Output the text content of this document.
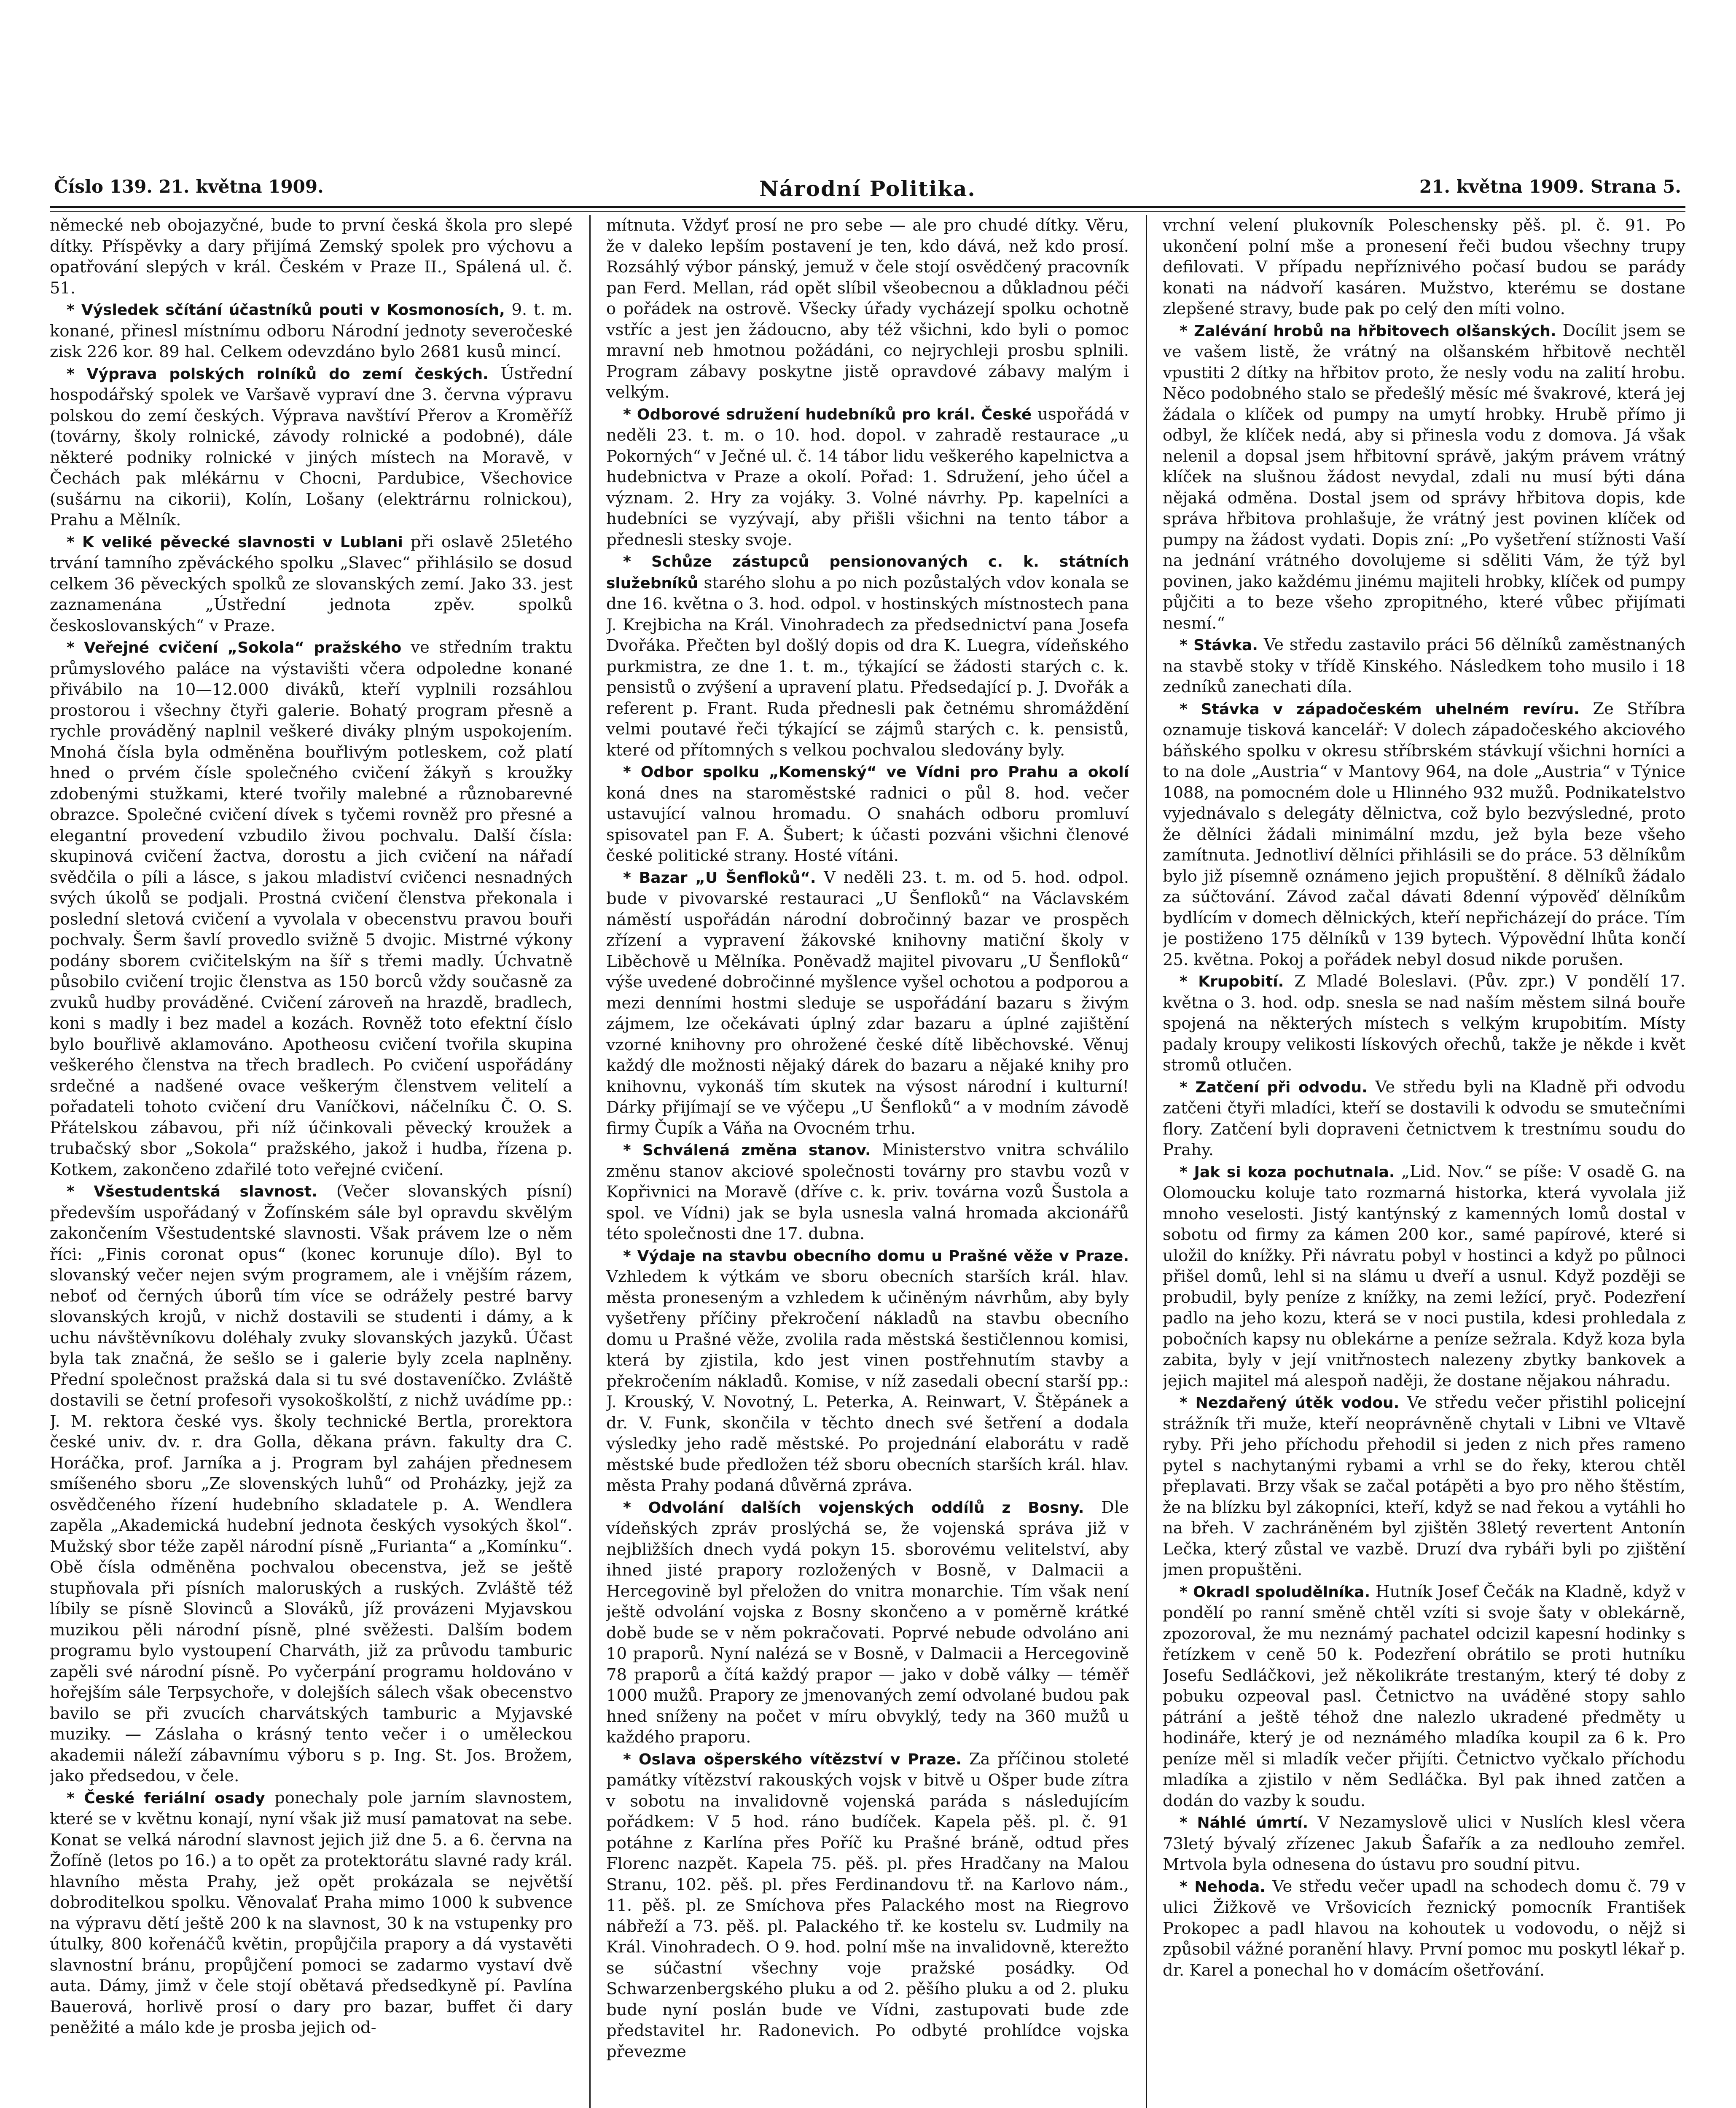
Číslo 139. 21. května 1909.	Národní Politika.	21. května 1909. Strana 5.

německé neb obojazyčné, bude to první česká škola pro slepé dítky. Příspěvky a dary přijímá Zemský spolek pro výchovu a opatřování slepých v král. Českém v Praze II., Spálená ul. č. 51.

* Výsledek sčítání účastníků pouti v Kosmonosích, 9. t. m. konané, přinesl místnímu odboru Národní jednoty severočeské zisk 226 kor. 89 hal. Celkem odevzdáno bylo 2681 kusů mincí.

* Výprava polských rolníků do zemí českých. Ústřední hospodářský spolek ve Varšavě vypraví dne 3. června výpravu polskou do zemí českých. Výprava navštíví Přerov a Kroměříž (továrny, školy rolnické, závody rolnické a podobné), dále některé podniky rolnické v jiných místech na Moravě, v Čechách pak mlékárnu v Chocni, Pardubice, Všechovice (sušárnu na cikorii), Kolín, Lošany (elektrárnu rolnickou), Prahu a Mělník.

* K veliké pěvecké slavnosti v Lublani při oslavě 25letého trvání tamního zpěváckého spolku „Slavec“ přihlásilo se dosud celkem 36 pěveckých spolků ze slovanských zemí. Jako 33. jest zaznamenána „Ústřední jednota zpěv. spolků českoslovanských“ v Praze.

* Veřejné cvičení „Sokola“ pražského ve středním traktu průmyslového paláce na výstavišti včera odpoledne konané přivábilo na 10—12.000 diváků, kteří vyplnili rozsáhlou prostorou i všechny čtyři galerie. Bohatý program přesně a rychle prováděný naplnil veškeré diváky plným uspokojením. Mnohá čísla byla odměněna bouřlivým potleskem, což platí hned o prvém čísle společného cvičení žákyň s kroužky zdobenými stužkami, které tvořily malebné a různobarevné obrazce. Společné cvičení dívek s tyčemi rovněž pro přesné a elegantní provedení vzbudilo živou pochvalu. Další čísla: skupinová cvičení žactva, dorostu a jich cvičení na nářadí svědčila o píli a lásce, s jakou mladiství cvičenci nesnadných svých úkolů se podjali. Prostná cvičení členstva překonala i poslední sletová cvičení a vyvolala v obecenstvu pravou bouři pochvaly. Šerm šavlí provedlo svižně 5 dvojic. Mistrné výkony podány sborem cvičitelským na šíř s třemi madly. Úchvatně působilo cvičení trojic členstva as 150 borců vždy současně za zvuků hudby prováděné. Cvičení zároveň na hrazdě, bradlech, koni s madly i bez madel a kozách. Rovněž toto efektní číslo bylo bouřlivě aklamováno. Apotheosu cvičení tvořila skupina veškerého členstva na třech bradlech. Po cvičení uspořádány srdečné a nadšené ovace veškerým členstvem velitelí a pořadateli tohoto cvičení dru Vaníčkovi, náčelníku Č. O. S. Přátelskou zábavou, při níž účinkovali pěvecký kroužek a trubačský sbor „Sokola“ pražského, jakož i hudba, řízena p. Kotkem, zakončeno zdařilé toto veřejné cvičení.

* Všestudentská slavnost. (Večer slovanských písní) především uspořádaný v Žofínském sále byl opravdu skvělým zakončením Všestudentské slavnosti. Však právem lze o něm říci: „Finis coronat opus“ (konec korunuje dílo). Byl to slovanský večer nejen svým programem, ale i vnějším rázem, neboť od černých úborů tím více se odrážely pestré barvy slovanských krojů, v nichž dostavili se studenti i dámy, a k uchu návštěvníkovu doléhaly zvuky slovanských jazyků. Účast byla tak značná, že sešlo se i galerie byly zcela naplněny. Přední společnost pražská dala si tu své dostaveníčko. Zvláště dostavili se četní profesoři vysokoškolští, z nichž uvádíme pp.: J. M. rektora české vys. školy technické Bertla, prorektora české univ. dv. r. dra Golla, děkana právn. fakulty dra C. Horáčka, prof. Jarníka a j. Program byl zahájen přednesem smíšeného sboru „Ze slovenských luhů“ od Proházky, jejž za osvědčeného řízení hudebního skladatele p. A. Wendlera zapěla „Akademická hudební jednota českých vysokých škol“. Mužský sbor téže zapěl národní písně „Furianta“ a „Komínku“. Obě čísla odměněna pochvalou obecenstva, jež se ještě stupňovala při písních maloruských a ruských. Zvláště též líbily se písně Slovinců a Slováků, jíž provázeni Myjavskou muzikou pěli národní písně, plné svěžesti. Dalším bodem programu bylo vystoupení Charváth, již za průvodu tamburic zapěli své národní písně. Po vyčerpání programu holdováno v hořejším sále Terpsychoře, v dolejších sálech však obecenstvo bavilo se při zvucích charvátských tamburic a Myjavské muziky. — Záslaha o krásný tento večer i o uměleckou akademii náleží zábavnímu výboru s p. Ing. St. Jos. Brožem, jako předsedou, v čele.

* České feriální osady ponechaly pole jarním slavnostem, které se v květnu konají, nyní však již musí pamatovat na sebe. Konat se velká národní slavnost jejich již dne 5. a 6. června na Žofíně (letos po 16.) a to opět za protektorátu slavné rady král. hlavního města Prahy, jež opět prokázala se největší dobroditelkou spolku. Věnovalať Praha mimo 1000 k subvence na výpravu dětí ještě 200 k na slavnost, 30 k na vstupenky pro útulky, 800 kořenáčů květin, propůjčila prapory a dá vystavěti slavnostní bránu, propůjčení pomoci se zadarmo vystaví dvě auta. Dámy, jimž v čele stojí obětavá předsedkyně pí. Pavlína Bauerová, horlivě prosí o dary pro bazar, buffet či dary peněžité a málo kde je prosba jejich od-

mítnuta. Vždyť prosí ne pro sebe — ale pro chudé dítky. Věru, že v daleko lepším postavení je ten, kdo dává, než kdo prosí. Rozsáhlý výbor pánský, jemuž v čele stojí osvědčený pracovník pan Ferd. Mellan, rád opět slíbil všeobecnou a důkladnou péči o pořádek na ostrově. Všecky úřady vycházejí spolku ochotně vstříc a jest jen žádoucno, aby též všichni, kdo byli o pomoc mravní neb hmotnou požádáni, co nejrychleji prosbu splnili. Program zábavy poskytne jistě opravdové zábavy malým i velkým.

* Odborové sdružení hudebníků pro král. České uspořádá v neděli 23. t. m. o 10. hod. dopol. v zahradě restaurace „u Pokorných“ v Ječné ul. č. 14 tábor lidu veškerého kapelnictva a hudebnictva v Praze a okolí. Pořad: 1. Sdružení, jeho účel a význam. 2. Hry za vojáky. 3. Volné návrhy. Pp. kapelníci a hudebníci se vyzývají, aby přišli všichni na tento tábor a přednesli stesky svoje.

* Schůze zástupců pensionovaných c. k. státních služebníků starého slohu a po nich pozůstalých vdov konala se dne 16. května o 3. hod. odpol. v hostinských místnostech pana J. Krejbicha na Král. Vinohradech za předsednictví pana Josefa Dvořáka. Přečten byl došlý dopis od dra K. Luegra, vídeňského purkmistra, ze dne 1. t. m., týkající se žádosti starých c. k. pensistů o zvýšení a upravení platu. Předsedající p. J. Dvořák a referent p. Frant. Ruda přednesli pak četnému shromáždění velmi poutavé řeči týkající se zájmů starých c. k. pensistů, které od přítomných s velkou pochvalou sledovány byly.

* Odbor spolku „Komenský“ ve Vídni pro Prahu a okolí koná dnes na staroměstské radnici o půl 8. hod. večer ustavující valnou hromadu. O snahách odboru promluví spisovatel pan F. A. Šubert; k účasti pozváni všichni členové české politické strany. Hosté vítáni.

* Bazar „U Šenfloků“. V neděli 23. t. m. od 5. hod. odpol. bude v pivovarské restauraci „U Šenfloků“ na Václavském náměstí uspořádán národní dobročinný bazar ve prospěch zřízení a vypravení žákovské knihovny matiční školy v Liběchově u Mělníka. Poněvadž majitel pivovaru „U Šenfloků“ výše uvedené dobročinné myšlence vyšel ochotou a podporou a mezi denními hostmi sleduje se uspořádání bazaru s živým zájmem, lze očekávati úplný zdar bazaru a úplné zajištění vzorné knihovny pro ohrožené české dítě liběchovské. Věnuj každý dle možnosti nějaký dárek do bazaru a nějaké knihy pro knihovnu, vykonáš tím skutek na výsost národní i kulturní! Dárky přijímají se ve výčepu „U Šenfloků“ a v modním závodě firmy Čupík a Váňa na Ovocném trhu.

* Schválená změna stanov. Ministerstvo vnitra schválilo změnu stanov akciové společnosti továrny pro stavbu vozů v Kopřivnici na Moravě (dříve c. k. priv. továrna vozů Šustola a spol. ve Vídni) jak se byla usnesla valná hromada akcionářů této společnosti dne 17. dubna.

* Výdaje na stavbu obecního domu u Prašné věže v Praze. Vzhledem k výtkám ve sboru obecních starších král. hlav. města proneseným a vzhledem k učiněným návrhům, aby byly vyšetřeny příčiny překročení nákladů na stavbu obecního domu u Prašné věže, zvolila rada městská šestičlennou komisi, která by zjistila, kdo jest vinen postřehnutím stavby a překročením nákladů. Komise, v níž zasedali obecní starší pp.: J. Krouský, V. Novotný, L. Peterka, A. Reinwart, V. Štěpánek a dr. V. Funk, skončila v těchto dnech své šetření a dodala výsledky jeho radě městské. Po projednání elaborátu v radě městské bude předložen též sboru obecních starších král. hlav. města Prahy podaná důvěrná zpráva.

* Odvolání dalších vojenských oddílů z Bosny. Dle vídeňských zpráv proslýchá se, že vojenská správa již v nejbližších dnech vydá pokyn 15. sborovému velitelství, aby ihned jisté prapory rozložených v Bosně, v Dalmacii a Hercegovině byl přeložen do vnitra monarchie. Tím však není ještě odvolání vojska z Bosny skončeno a v poměrně krátké době bude se v něm pokračovati. Poprvé nebude odvoláno ani 10 praporů. Nyní nalézá se v Bosně, v Dalmacii a Hercegovině 78 praporů a čítá každý prapor — jako v době války — téměř 1000 mužů. Prapory ze jmenovaných zemí odvolané budou pak hned sníženy na počet v míru obvyklý, tedy na 360 mužů u každého praporu.

* Oslava ošperského vítězství v Praze. Za příčinou stoleté památky vítězství rakouských vojsk v bitvě u Ošper bude zítra v sobotu na invalidovně vojenská paráda s následujícím pořádkem: V 5 hod. ráno budíček. Kapela pěš. pl. č. 91 potáhne z Karlína přes Poříč ku Prašné bráně, odtud přes Florenc nazpět. Kapela 75. pěš. pl. přes Hradčany na Malou Stranu, 102. pěš. pl. přes Ferdinandovu tř. na Karlovo nám., 11. pěš. pl. ze Smíchova přes Palackého most na Riegrovo nábřeží a 73. pěš. pl. Palackého tř. ke kostelu sv. Ludmily na Král. Vinohradech. O 9. hod. polní mše na invalidovně, kterežto se súčastní všechny voje pražské posádky. Od Schwarzenbergského pluku a od 2. pěšího pluku a od 2. pluku bude nyní poslán bude ve Vídni, zastupovati bude zde představitel hr. Radonevich. Po odbyté prohlídce vojska převezme

vrchní velení plukovník Poleschensky pěš. pl. č. 91. Po ukončení polní mše a pronesení řeči budou všechny trupy defilovati. V případu nepříznivého počasí budou se parády konati na nádvoří kasáren. Mužstvo, kterému se dostane zlepšené stravy, bude pak po celý den míti volno.

* Zalévání hrobů na hřbitovech olšanských. Docílit jsem se ve vašem listě, že vrátný na olšanském hřbitově nechtěl vpustiti 2 dítky na hřbitov proto, že nesly vodu na zalití hrobu. Něco podobného stalo se předešlý měsíc mé švakrové, která jej žádala o klíček od pumpy na umytí hrobky. Hrubě přímo ji odbyl, že klíček nedá, aby si přinesla vodu z domova. Já však nelenil a dopsal jsem hřbitovní správě, jakým právem vrátný klíček na slušnou žádost nevydal, zdali nu musí býti dána nějaká odměna. Dostal jsem od správy hřbitova dopis, kde správa hřbitova prohlašuje, že vrátný jest povinen klíček od pumpy na žádost vydati. Dopis zní: „Po vyšetření stížnosti Vaší na jednání vrátného dovolujeme si sděliti Vám, že týž byl povinen, jako každému jinému majiteli hrobky, klíček od pumpy půjčiti a to beze všeho zpropitného, které vůbec přijímati nesmí.“

* Stávka. Ve středu zastavilo práci 56 dělníků zaměstnaných na stavbě stoky v třídě Kinského. Následkem toho musilo i 18 zedníků zanechati díla.

* Stávka v západočeském uhelném revíru. Ze Stříbra oznamuje tisková kancelář: V dolech západočeského akciového báňského spolku v okresu stříbrském stávkují všichni horníci a to na dole „Austria“ v Mantovy 964, na dole „Austria“ v Týnice 1088, na pomocném dole u Hlinného 932 mužů. Podnikatelstvo vyjednávalo s delegáty dělnictva, což bylo bezvýsledné, proto že dělníci žádali minimální mzdu, jež byla beze všeho zamítnuta. Jednotliví dělníci přihlásili se do práce. 53 dělníkům bylo již písemně oznámeno jejich propuštění. 8 dělníků žádalo za súčtování. Závod začal dávati 8denní výpověď dělníkům bydlícím v domech dělnických, kteří nepřicházejí do práce. Tím je postiženo 175 dělníků v 139 bytech. Výpovědní lhůta končí 25. května. Pokoj a pořádek nebyl dosud nikde porušen.

* Krupobití. Z Mladé Boleslavi. (Pův. zpr.) V pondělí 17. května o 3. hod. odp. snesla se nad naším městem silná bouře spojená na některých místech s velkým krupobitím. Místy padaly kroupy velikosti lískových ořechů, takže je někde i květ stromů otlučen.

* Zatčení při odvodu. Ve středu byli na Kladně při odvodu zatčeni čtyři mladíci, kteří se dostavili k odvodu se smutečními flory. Zatčení byli dopraveni četnictvem k trestnímu soudu do Prahy.

* Jak si koza pochutnala. „Lid. Nov.“ se píše: V osadě G. na Olomoucku koluje tato rozmarná historka, která vyvolala již mnoho veselosti. Jistý kantýnský z kamenných lomů dostal v sobotu od firmy za kámen 200 kor., samé papírové, které si uložil do knížky. Při návratu pobyl v hostinci a když po půlnoci přišel domů, lehl si na slámu u dveří a usnul. Když později se probudil, byly peníze z knížky, na zemi ležící, pryč. Podezření padlo na jeho kozu, která se v noci pustila, kdesi prohledala z pobočních kapsy nu oblekárne a peníze sežrala. Když koza byla zabita, byly v její vnitřnostech nalezeny zbytky bankovek a jejich majitel má alespoň naději, že dostane nějakou náhradu.

* Nezdařený útěk vodou. Ve středu večer přistihl policejní strážník tři muže, kteří neoprávněně chytali v Libni ve Vltavě ryby. Při jeho příchodu přehodil si jeden z nich přes rameno pytel s nachytanými rybami a vrhl se do řeky, kterou chtěl přeplavati. Brzy však se začal potápěti a byo pro něho štěstím, že na blízku byl zákopníci, kteří, když se nad řekou a vytáhli ho na břeh. V zachráněném byl zjištěn 38letý revertent Antonín Lečka, který zůstal ve vazbě. Druzí dva rybáři byli po zjištění jmen propuštěni.

* Okradl spoludělníka. Hutník Josef Čečák na Kladně, když v pondělí po ranní směně chtěl vzíti si svoje šaty v oblekárně, zpozoroval, že mu neznámý pachatel odcizil kapesní hodinky s řetízkem v ceně 50 k. Podezření obrátilo se proti hutníku Josefu Sedláčkovi, jež několikráte trestaným, který té doby z pobuku ozpeoval pasl. Četnictvo na uváděné stopy sahlo pátrání a ještě téhož dne nalezlo ukradené předměty u hodináře, který je od neznámého mladíka koupil za 6 k. Pro peníze měl si mladík večer přijíti. Četnictvo vyčkalo příchodu mladíka a zjistilo v něm Sedláčka. Byl pak ihned zatčen a dodán do vazby k soudu.

* Náhlé úmrtí. V Nezamyslově ulici v Nuslích klesl včera 73letý bývalý zřízenec Jakub Šafařík a za nedlouho zemřel. Mrtvola byla odnesena do ústavu pro soudní pitvu.

* Nehoda. Ve středu večer upadl na schodech domu č. 79 v ulici Žižkově ve Vršovicích řeznický pomocník František Prokopec a padl hlavou na kohoutek u vodovodu, o nějž si způsobil vážné poranění hlavy. První pomoc mu poskytl lékař p. dr. Karel a ponechal ho v domácím ošetřování.
